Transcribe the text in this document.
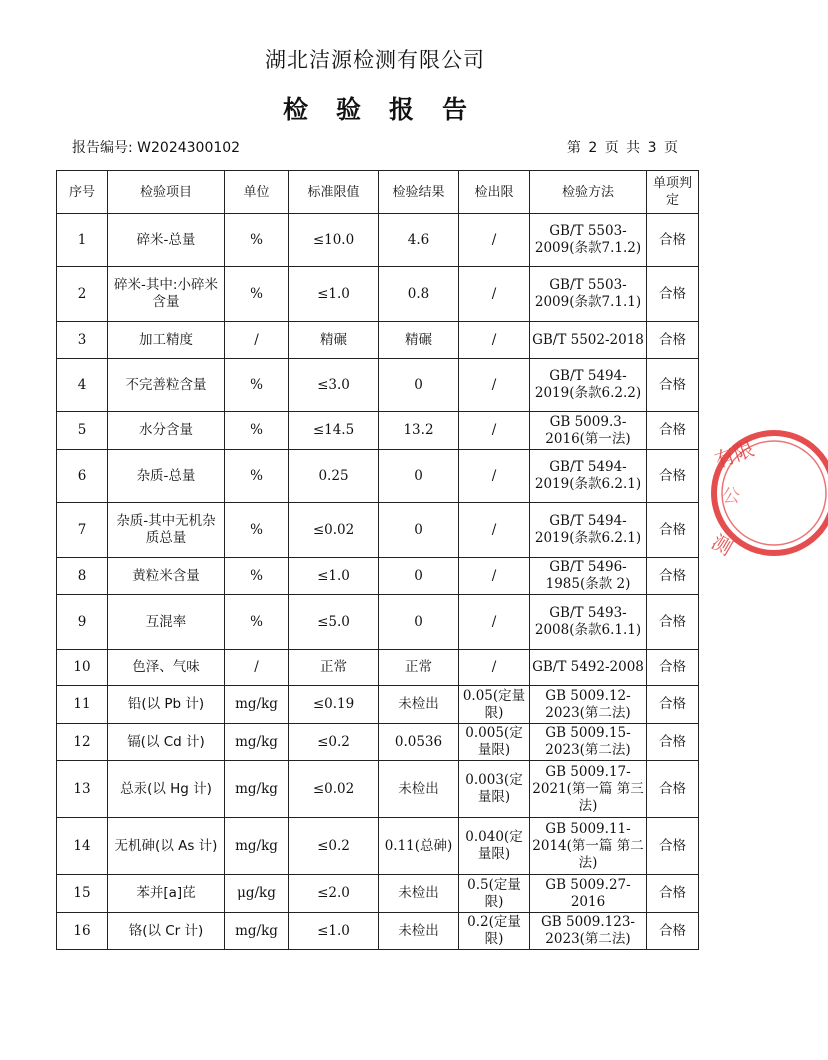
湖北洁源检测有限公司
检验报告
报告编号: W2024300102	第 2 页 共 3 页
序号	检验项目	单位	标准限值	检验结果	检出限	检验方法	单项判定
1	碎米-总量	%	≤10.0	4.6	/	GB/T 5503-2009(条款7.1.2)	合格
2	碎米-其中:小碎米含量	%	≤1.0	0.8	/	GB/T 5503-2009(条款7.1.1)	合格
3	加工精度	/	精碾	精碾	/	GB/T 5502-2018	合格
4	不完善粒含量	%	≤3.0	0	/	GB/T 5494-2019(条款6.2.2)	合格
5	水分含量	%	≤14.5	13.2	/	GB 5009.3-2016(第一法)	合格
6	杂质-总量	%	0.25	0	/	GB/T 5494-2019(条款6.2.1)	合格
7	杂质-其中无机杂质总量	%	≤0.02	0	/	GB/T 5494-2019(条款6.2.1)	合格
8	黄粒米含量	%	≤1.0	0	/	GB/T 5496-1985(条款 2)	合格
9	互混率	%	≤5.0	0	/	GB/T 5493-2008(条款6.1.1)	合格
10	色泽、气味	/	正常	正常	/	GB/T 5492-2008	合格
11	铅(以 Pb 计)	mg/kg	≤0.19	未检出	0.05(定量限)	GB 5009.12-2023(第二法)	合格
12	镉(以 Cd 计)	mg/kg	≤0.2	0.0536	0.005(定量限)	GB 5009.15-2023(第二法)	合格
13	总汞(以 Hg 计)	mg/kg	≤0.02	未检出	0.003(定量限)	GB 5009.17-2021(第一篇 第三法)	合格
14	无机砷(以 As 计)	mg/kg	≤0.2	0.11(总砷)	0.040(定量限)	GB 5009.11-2014(第一篇 第二法)	合格
15	苯并[a]芘	μg/kg	≤2.0	未检出	0.5(定量限)	GB 5009.27-2016	合格
16	铬(以 Cr 计)	mg/kg	≤1.0	未检出	0.2(定量限)	GB 5009.123-2023(第二法)	合格
有限
测
公
